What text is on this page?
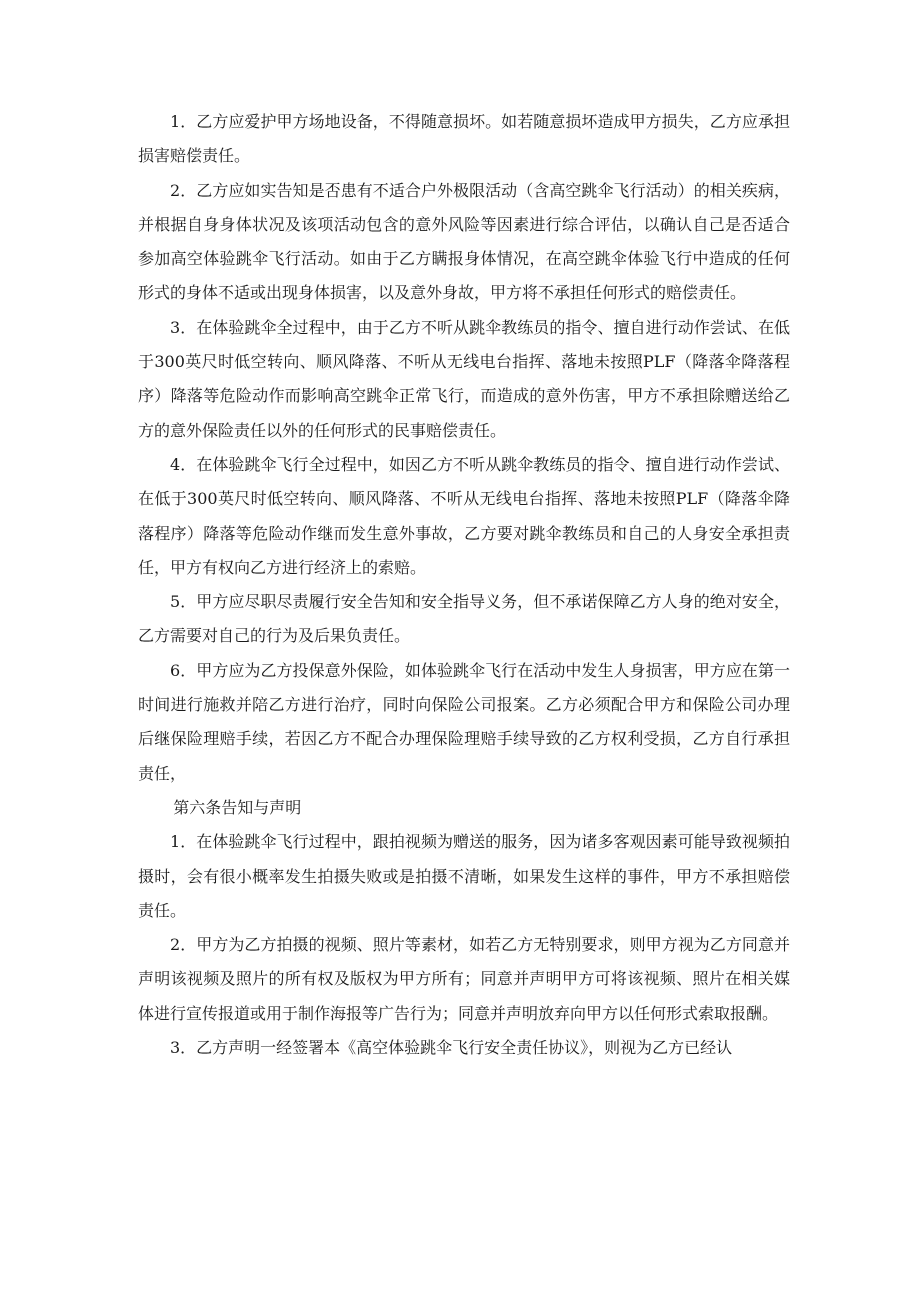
1．乙方应爱护甲方场地设备，不得随意损坏。如若随意损坏造成甲方损失，乙方应承担损害赔偿责任。

2．乙方应如实告知是否患有不适合户外极限活动（含高空跳伞飞行活动）的相关疾病，并根据自身身体状况及该项活动包含的意外风险等因素进行综合评估，以确认自己是否适合参加高空体验跳伞飞行活动。如由于乙方瞒报身体情况，在高空跳伞体验飞行中造成的任何形式的身体不适或出现身体损害，以及意外身故，甲方将不承担任何形式的赔偿责任。

3．在体验跳伞全过程中，由于乙方不听从跳伞教练员的指令、擅自进行动作尝试、在低于300英尺时低空转向、顺风降落、不听从无线电台指挥、落地未按照PLF（降落伞降落程序）降落等危险动作而影响高空跳伞正常飞行，而造成的意外伤害，甲方不承担除赠送给乙方的意外保险责任以外的任何形式的民事赔偿责任。

4．在体验跳伞飞行全过程中，如因乙方不听从跳伞教练员的指令、擅自进行动作尝试、在低于300英尺时低空转向、顺风降落、不听从无线电台指挥、落地未按照PLF（降落伞降落程序）降落等危险动作继而发生意外事故，乙方要对跳伞教练员和自己的人身安全承担责任，甲方有权向乙方进行经济上的索赔。

5．甲方应尽职尽责履行安全告知和安全指导义务，但不承诺保障乙方人身的绝对安全，乙方需要对自己的行为及后果负责任。

6．甲方应为乙方投保意外保险，如体验跳伞飞行在活动中发生人身损害，甲方应在第一时间进行施救并陪乙方进行治疗，同时向保险公司报案。乙方必须配合甲方和保险公司办理后继保险理赔手续，若因乙方不配合办理保险理赔手续导致的乙方权利受损，乙方自行承担责任，

第六条告知与声明

1．在体验跳伞飞行过程中，跟拍视频为赠送的服务，因为诸多客观因素可能导致视频拍摄时，会有很小概率发生拍摄失败或是拍摄不清晰，如果发生这样的事件，甲方不承担赔偿责任。

2．甲方为乙方拍摄的视频、照片等素材，如若乙方无特别要求，则甲方视为乙方同意并声明该视频及照片的所有权及版权为甲方所有；同意并声明甲方可将该视频、照片在相关媒体进行宣传报道或用于制作海报等广告行为；同意并声明放弃向甲方以任何形式索取报酬。

3．乙方声明一经签署本《高空体验跳伞飞行安全责任协议》，则视为乙方已经认
